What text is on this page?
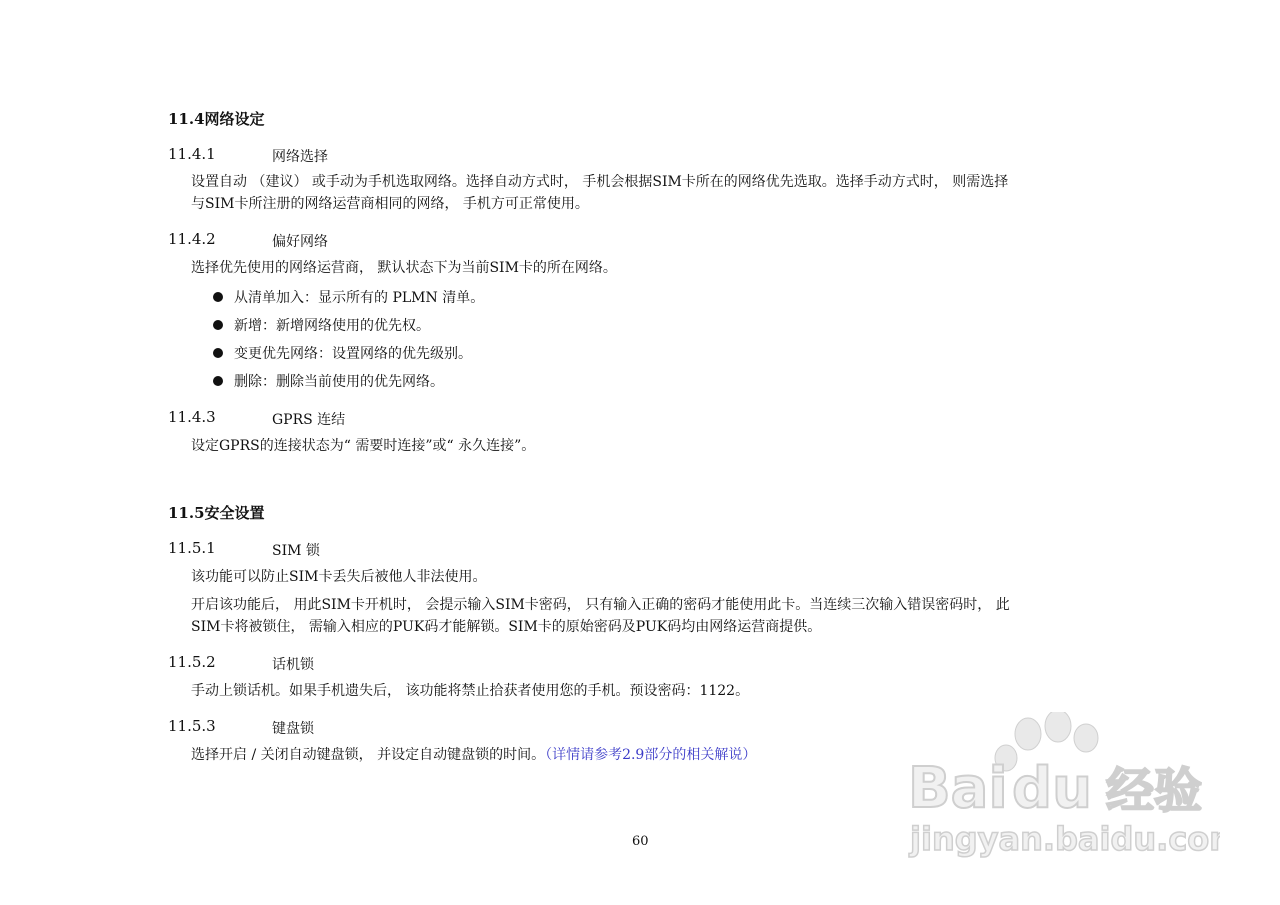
11.4网络设定
11.4.1	网络选择
设置自动 （建议） 或手动为手机选取网络。选择自动方式时， 手机会根据SIM卡所在的网络优先选取。选择手动方式时， 则需选择
与SIM卡所注册的网络运营商相同的网络， 手机方可正常使用。
11.4.2	偏好网络
选择优先使用的网络运营商， 默认状态下为当前SIM卡的所在网络。
从清单加入：显示所有的 PLMN 清单。
新增：新增网络使用的优先权。
变更优先网络：设置网络的优先级别。
删除：删除当前使用的优先网络。
11.4.3	GPRS 连结
设定GPRS的连接状态为“ 需要时连接”或“ 永久连接”。
11.5安全设置
11.5.1	SIM 锁
该功能可以防止SIM卡丢失后被他人非法使用。
开启该功能后， 用此SIM卡开机时， 会提示输入SIM卡密码， 只有输入正确的密码才能使用此卡。当连续三次输入错误密码时， 此
SIM卡将被锁住， 需输入相应的PUK码才能解锁。SIM卡的原始密码及PUK码均由网络运营商提供。
11.5.2	话机锁
手动上锁话机。如果手机遗失后， 该功能将禁止拾获者使用您的手机。预设密码：1122。
11.5.3	键盘锁
选择开启 / 关闭自动键盘锁， 并设定自动键盘锁的时间。（详情请参考2.9部分的相关解说）
60
Bai du 经验
jingyan.baidu.com
